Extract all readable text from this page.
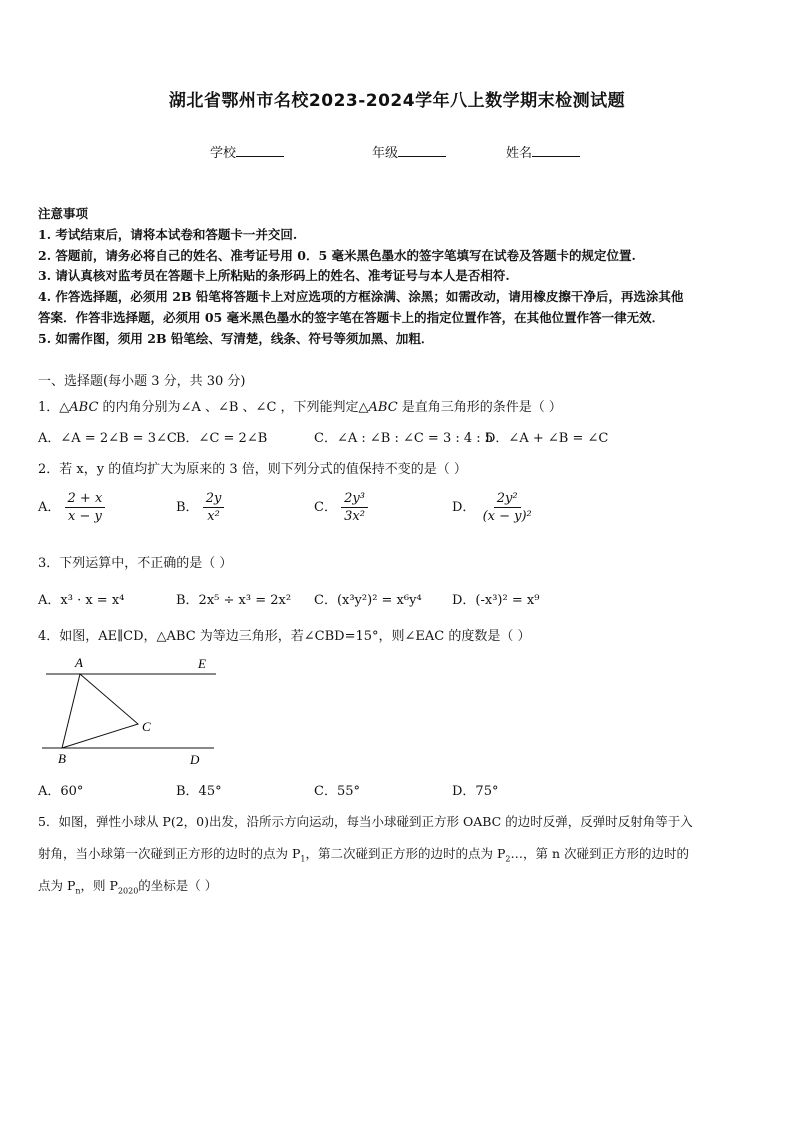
湖北省鄂州市名校2023-2024学年八上数学期末检测试题
学校	年级	姓名
注意事项
1. 考试结束后，请将本试卷和答题卡一并交回.
2. 答题前，请务必将自己的姓名、准考证号用 0．5 毫米黑色墨水的签字笔填写在试卷及答题卡的规定位置.
3. 请认真核对监考员在答题卡上所粘贴的条形码上的姓名、准考证号与本人是否相符.
4. 作答选择题，必须用 2B 铅笔将答题卡上对应选项的方框涂满、涂黑；如需改动，请用橡皮擦干净后，再选涂其他
答案．作答非选择题，必须用 05 毫米黑色墨水的签字笔在答题卡上的指定位置作答，在其他位置作答一律无效．
5. 如需作图，须用 2B 铅笔绘、写清楚，线条、符号等须加黑、加粗．
一、选择题(每小题 3 分，共 30 分)
1．△ABC 的内角分别为∠A 、∠B 、∠C ，下列能判定△ABC 是直角三角形的条件是（ ）
A．∠A = 2∠B = 3∠C B．∠C = 2∠B	C．∠A : ∠B : ∠C = 3 : 4 : 5
D．∠A + ∠B = ∠C
2．若 x，y 的值均扩大为原来的 3 倍，则下列分式的值保持不变的是（ ）
A． $\frac{2 + x}{x - y}$	B． $\frac{2y}{\text{x²}}$	C． $\frac{\text{2y³}}{\text{3x²}}$	D． $\frac{\text{2y²}}{\text{(x − y)²}}$
3．下列运算中，不正确的是（ ）
A．x³ · x = x⁴	B．2x⁵ ÷ x³ = 2x² C．(x³y²)² = x⁶y⁴ D．(-x³)² = x⁹
4．如图，AE∥CD，△ABC 为等边三角形，若∠CBD=15°，则∠EAC 的度数是（ ）
A	E
C
B	D
A．60°	B．45°	C．55°	D．75°
5．如图，弹性小球从 P(2，0)出发，沿所示方向运动，每当小球碰到正方形 OABC 的边时反弹，反弹时反射角等于入
射角，当小球第一次碰到正方形的边时的点为 $P_1$，第二次碰到正方形的边时的点为 $P_2\dots$，第 n 次碰到正方形的边时的
点为 $P_n$，则 $P_{2020}$的坐标是（ ）
